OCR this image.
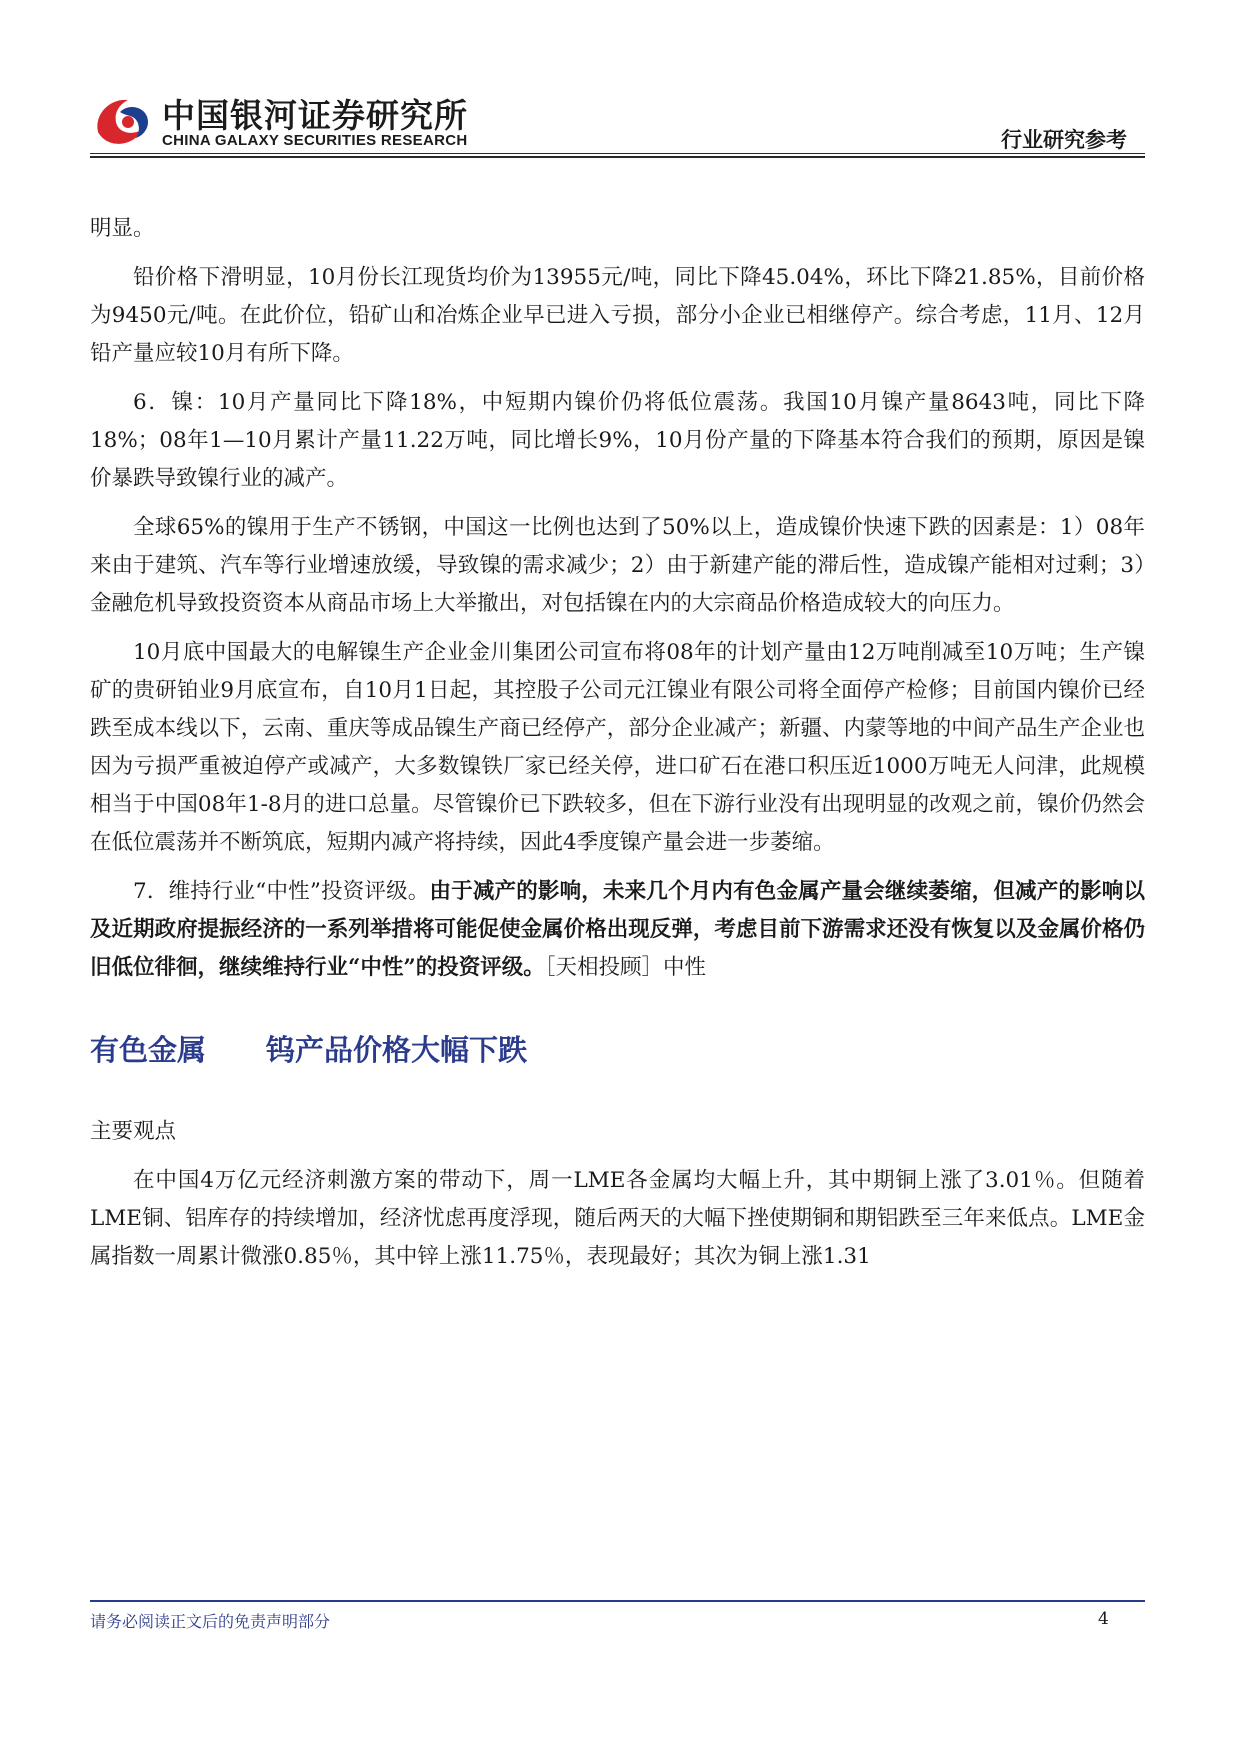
中国银河证券研究所
CHINA GALAXY SECURITIES RESEARCH	行业研究参考

明显。

铅价格下滑明显，10月份长江现货均价为13955元/吨，同比下降45.04%，环比下降21.85%，目前价格为9450元/吨。在此价位，铅矿山和冶炼企业早已进入亏损，部分小企业已相继停产。综合考虑，11月、12月铅产量应较10月有所下降。

6．镍：10月产量同比下降18%，中短期内镍价仍将低位震荡。我国10月镍产量8643吨，同比下降18%；08年1—10月累计产量11.22万吨，同比增长9%，10月份产量的下降基本符合我们的预期，原因是镍价暴跌导致镍行业的减产。

全球65%的镍用于生产不锈钢，中国这一比例也达到了50%以上，造成镍价快速下跌的因素是：1）08年来由于建筑、汽车等行业增速放缓，导致镍的需求减少；2）由于新建产能的滞后性，造成镍产能相对过剩；3）金融危机导致投资资本从商品市场上大举撤出，对包括镍在内的大宗商品价格造成较大的向压力。

10月底中国最大的电解镍生产企业金川集团公司宣布将08年的计划产量由12万吨削减至10万吨；生产镍矿的贵研铂业9月底宣布，自10月1日起，其控股子公司元江镍业有限公司将全面停产检修；目前国内镍价已经跌至成本线以下，云南、重庆等成品镍生产商已经停产，部分企业减产；新疆、内蒙等地的中间产品生产企业也因为亏损严重被迫停产或减产，大多数镍铁厂家已经关停，进口矿石在港口积压近1000万吨无人问津，此规模相当于中国08年1-8月的进口总量。尽管镍价已下跌较多，但在下游行业没有出现明显的改观之前，镍价仍然会在低位震荡并不断筑底，短期内减产将持续，因此4季度镍产量会进一步萎缩。

7．维持行业“中性”投资评级。由于减产的影响，未来几个月内有色金属产量会继续萎缩，但减产的影响以及近期政府提振经济的一系列举措将可能促使金属价格出现反弹，考虑目前下游需求还没有恢复以及金属价格仍旧低位徘徊，继续维持行业“中性”的投资评级。［天相投顾］中性

有色金属 钨产品价格大幅下跌

主要观点

在中国4万亿元经济刺激方案的带动下，周一LME各金属均大幅上升，其中期铜上涨了3.01％。但随着LME铜、铝库存的持续增加，经济忧虑再度浮现，随后两天的大幅下挫使期铜和期铝跌至三年来低点。LME金属指数一周累计微涨0.85％，其中锌上涨11.75％，表现最好；其次为铜上涨1.31

请务必阅读正文后的免责声明部分	4
